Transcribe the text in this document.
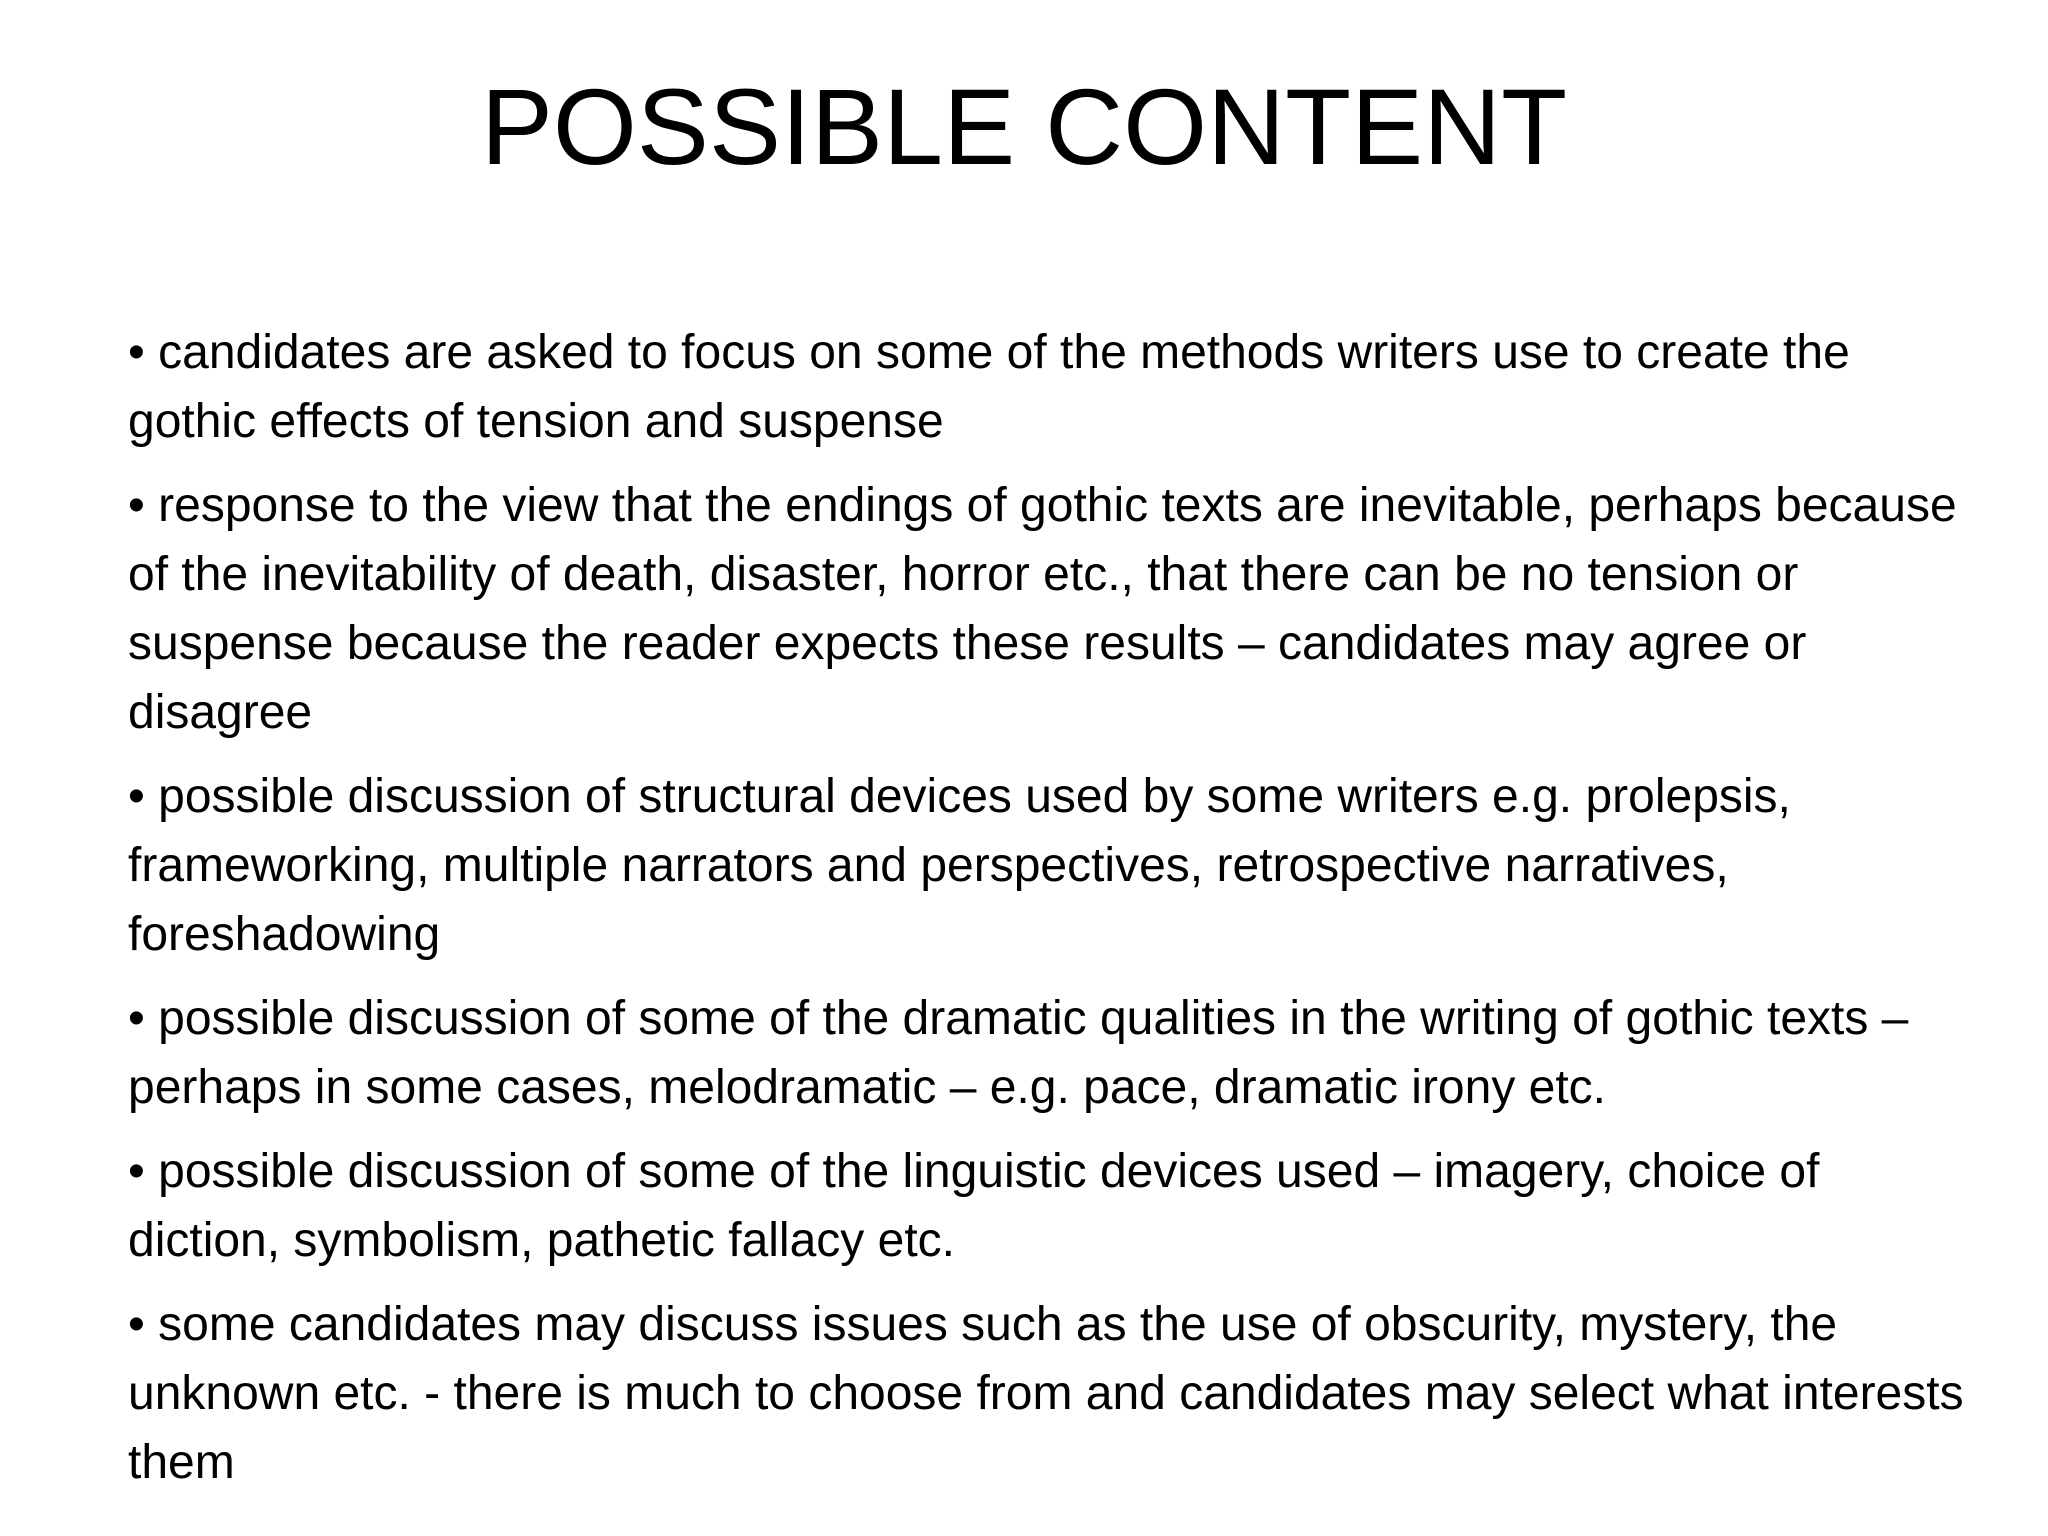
POSSIBLE CONTENT
• candidates are asked to focus on some of the methods writers use to create the gothic effects of tension and suspense
• response to the view that the endings of gothic texts are inevitable, perhaps because of the inevitability of death, disaster, horror etc., that there can be no tension or suspense because the reader expects these results – candidates may agree or disagree
• possible discussion of structural devices used by some writers e.g. prolepsis, frameworking, multiple narrators and perspectives, retrospective narratives, foreshadowing
• possible discussion of some of the dramatic qualities in the writing of gothic texts – perhaps in some cases, melodramatic – e.g. pace, dramatic irony etc.
• possible discussion of some of the linguistic devices used – imagery, choice of diction, symbolism, pathetic fallacy etc.
• some candidates may discuss issues such as the use of obscurity, mystery, the unknown etc. - there is much to choose from and candidates may select what interests them
